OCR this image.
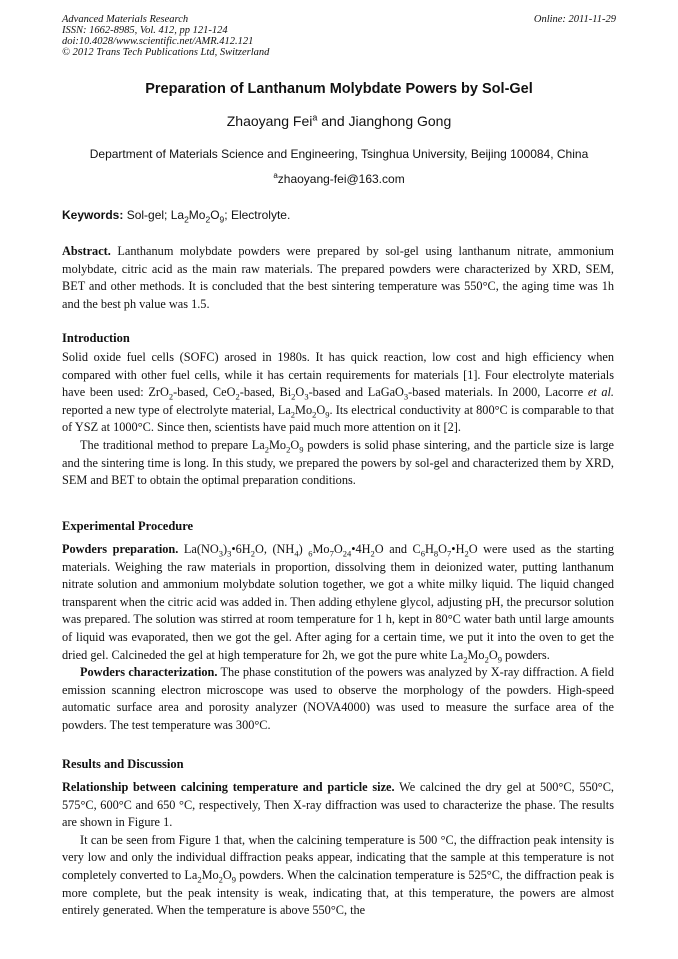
Advanced Materials Research
ISSN: 1662-8985, Vol. 412, pp 121-124
doi:10.4028/www.scientific.net/AMR.412.121
© 2012 Trans Tech Publications Ltd, Switzerland
Online: 2011-11-29
Preparation of Lanthanum Molybdate Powers by Sol-Gel
Zhaoyang Fei$^a$ and Jianghong Gong
Department of Materials Science and Engineering, Tsinghua University, Beijing 100084, China
$^a$zhaoyang-fei@163.com
Keywords: Sol-gel; $La_2Mo_2O_9$; Electrolyte.

Abstract. Lanthanum molybdate powders were prepared by sol-gel using lanthanum nitrate, ammonium molybdate, citric acid as the main raw materials. The prepared powders were characterized by XRD, SEM, BET and other methods. It is concluded that the best sintering temperature was 550°C, the aging time was 1h and the best ph value was 1.5.

Introduction

Solid oxide fuel cells (SOFC) arosed in 1980s. It has quick reaction, low cost and high efficiency when compared with other fuel cells, while it has certain requirements for materials [1]. Four electrolyte materials have been used: ZrO$_2$-based, CeO$_2$-based, $Bi_2O_3$-based and LaGaO$_3$-based materials. In 2000, Lacorre et al. reported a new type of electrolyte material, $La_2Mo_2O_9$. Its electrical conductivity at 800°C is comparable to that of YSZ at 1000°C. Since then, scientists have paid much more attention on it [2].

The traditional method to prepare $La_2Mo_2O_9$ powders is solid phase sintering, and the particle size is large and the sintering time is long. In this study, we prepared the powers by sol-gel and characterized them by XRD, SEM and BET to obtain the optimal preparation conditions.

Experimental Procedure

Powders preparation. $La(NO_3)_3•6H_2O$, $(NH_4)$ $_6Mo_7O_{24}•4H_2O$ and $C_6H_8O_7•H_2O$ were used as the starting materials. Weighing the raw materials in proportion, dissolving them in deionized water, putting lanthanum nitrate solution and ammonium molybdate solution together, we got a white milky liquid. The liquid changed transparent when the citric acid was added in. Then adding ethylene glycol, adjusting pH, the precursor solution was prepared. The solution was stirred at room temperature for 1 h, kept in 80°C water bath until large amounts of liquid was evaporated, then we got the gel. After aging for a certain time, we put it into the oven to get the dried gel. Calcineded the gel at high temperature for 2h, we got the pure white $La_2Mo_2O_9$ powders.

Powders characterization. The phase constitution of the powers was analyzed by X-ray diffraction. A field emission scanning electron microscope was used to observe the morphology of the powders. High-speed automatic surface area and porosity analyzer (NOVA4000) was used to measure the surface area of the powders. The test temperature was 300°C.

Results and Discussion

Relationship between calcining temperature and particle size. We calcined the dry gel at 500°C, 550°C, 575°C, 600°C and 650 °C, respectively, Then X-ray diffraction was used to characterize the phase. The results are shown in Figure 1.

It can be seen from Figure 1 that, when the calcining temperature is 500 °C, the diffraction peak intensity is very low and only the individual diffraction peaks appear, indicating that the sample at this temperature is not completely converted to $La_2Mo_2O_9$ powders. When the calcination temperature is 525°C, the diffraction peak is more complete, but the peak intensity is weak, indicating that, at this temperature, the powers are almost entirely generated. When the temperature is above 550°C, the
